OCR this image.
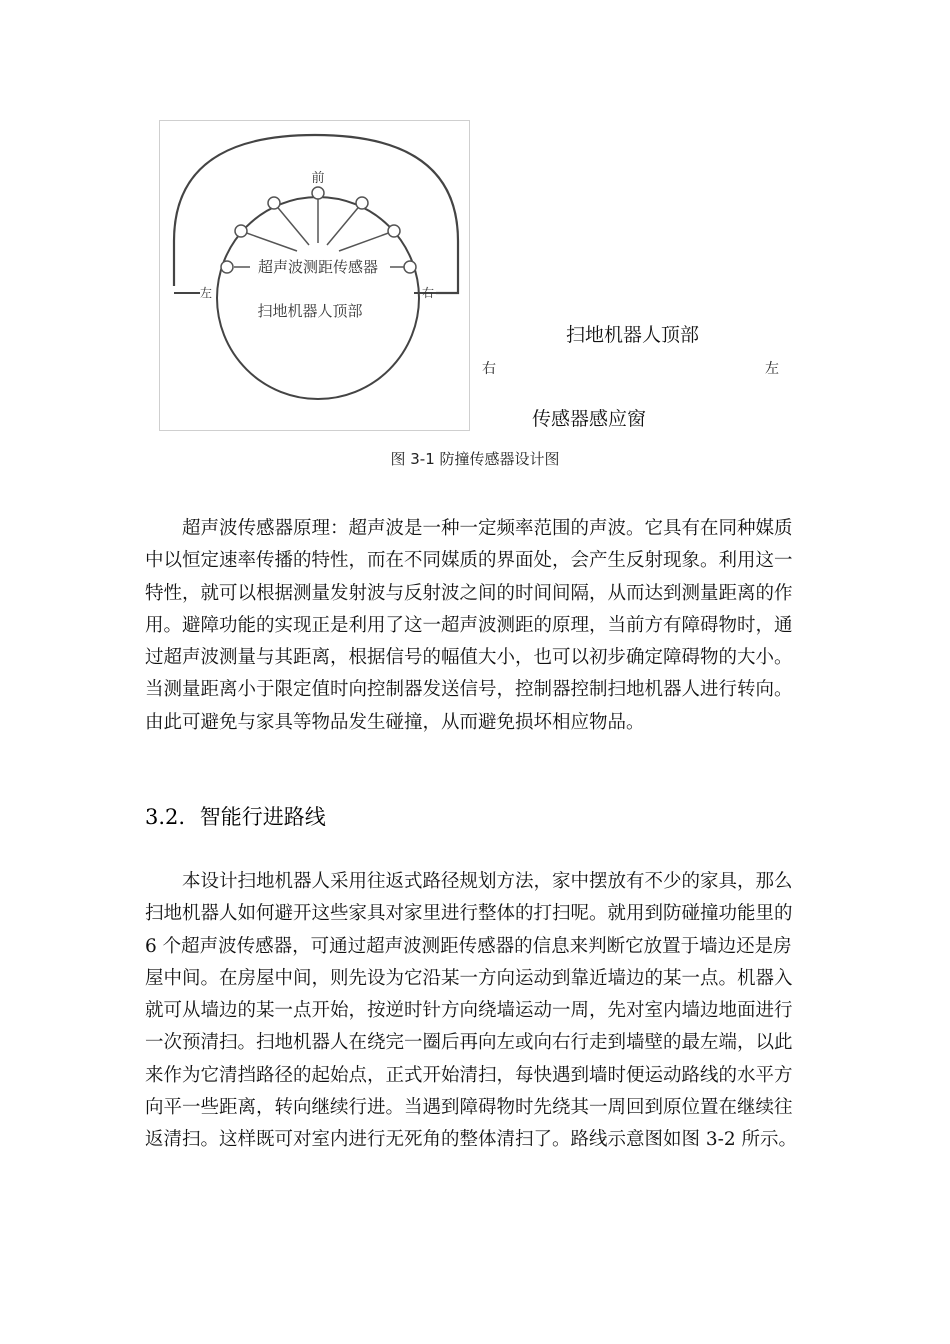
前
超声波测距传感器
扫地机器人顶部
左	右
扫地机器人顶部
右	左
传感器感应窗
图 3-1 防撞传感器设计图
超声波传感器原理：超声波是一种一定频率范围的声波。它具有在同种媒质
中以恒定速率传播的特性，而在不同媒质的界面处，会产生反射现象。利用这一
特性，就可以根据测量发射波与反射波之间的时间间隔，从而达到测量距离的作
用。避障功能的实现正是利用了这一超声波测距的原理，当前方有障碍物时，通
过超声波测量与其距离，根据信号的幅值大小，也可以初步确定障碍物的大小。
当测量距离小于限定值时向控制器发送信号，控制器控制扫地机器人进行转向。
由此可避免与家具等物品发生碰撞，从而避免损坏相应物品。
3.2. 智能行进路线
本设计扫地机器人采用往返式路径规划方法，家中摆放有不少的家具，那么
扫地机器人如何避开这些家具对家里进行整体的打扫呢。就用到防碰撞功能里的
6 个超声波传感器，可通过超声波测距传感器的信息来判断它放置于墙边还是房
屋中间。在房屋中间，则先设为它沿某一方向运动到靠近墙边的某一点。机器入
就可从墙边的某一点开始，按逆时针方向绕墙运动一周，先对室内墙边地面进行
一次预清扫。扫地机器人在绕完一圈后再向左或向右行走到墙壁的最左端，以此
来作为它清挡路径的起始点，正式开始清扫，每快遇到墙时便运动路线的水平方
向平一些距离，转向继续行进。当遇到障碍物时先绕其一周回到原位置在继续往
返清扫。这样既可对室内进行无死角的整体清扫了。路线示意图如图 3-2 所示。
